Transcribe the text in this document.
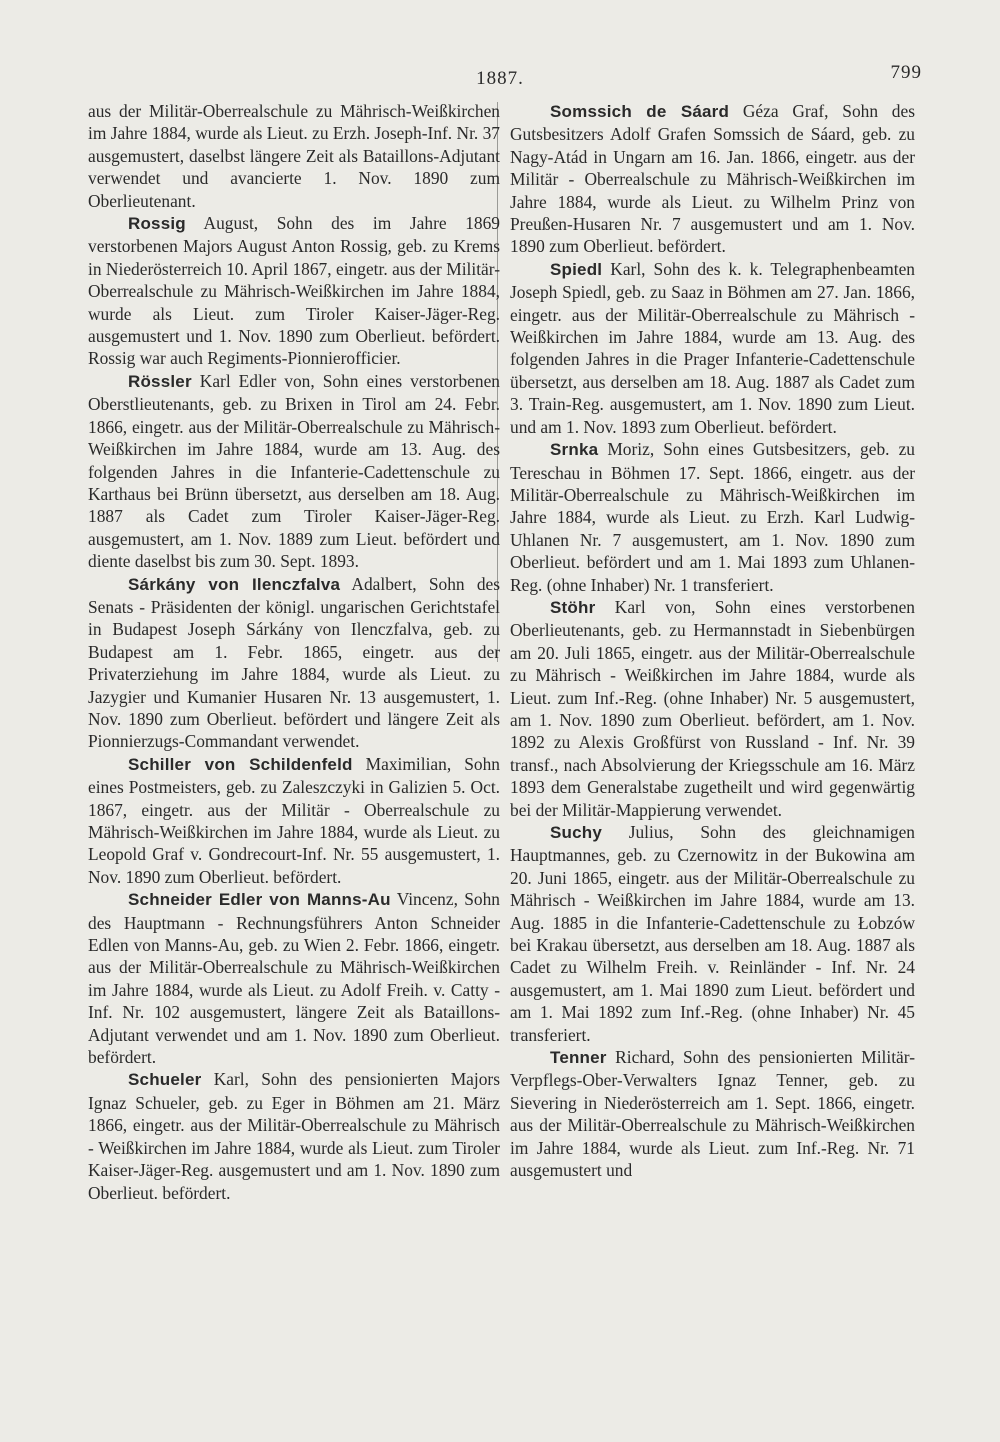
1887.	799

aus der Militär-Oberrealschule zu Mährisch-Weißkirchen im Jahre 1884, wurde als Lieut. zu Erzh. Joseph-Inf. Nr. 37 ausgemustert, daselbst längere Zeit als Bataillons-Adjutant verwendet und avancierte 1. Nov. 1890 zum Oberlieutenant.

Rossig August, Sohn des im Jahre 1869 verstorbenen Majors August Anton Rossig, geb. zu Krems in Niederösterreich 10. April 1867, eingetr. aus der Militär-Oberrealschule zu Mährisch-Weißkirchen im Jahre 1884, wurde als Lieut. zum Tiroler Kaiser-Jäger-Reg. ausgemustert und 1. Nov. 1890 zum Oberlieut. befördert. Rossig war auch Regiments-Pionnierofficier.

Rössler Karl Edler von, Sohn eines verstorbenen Oberstlieutenants, geb. zu Brixen in Tirol am 24. Febr. 1866, eingetr. aus der Militär-Oberrealschule zu Mährisch-Weißkirchen im Jahre 1884, wurde am 13. Aug. des folgenden Jahres in die Infanterie-Cadettenschule zu Karthaus bei Brünn übersetzt, aus derselben am 18. Aug. 1887 als Cadet zum Tiroler Kaiser-Jäger-Reg. ausgemustert, am 1. Nov. 1889 zum Lieut. befördert und diente daselbst bis zum 30. Sept. 1893.

Sárkány von Ilenczfalva Adalbert, Sohn des Senats - Präsidenten der königl. ungarischen Gerichtstafel in Budapest Joseph Sárkány von Ilenczfalva, geb. zu Budapest am 1. Febr. 1865, eingetr. aus der Privaterziehung im Jahre 1884, wurde als Lieut. zu Jazygier und Kumanier Husaren Nr. 13 ausgemustert, 1. Nov. 1890 zum Oberlieut. befördert und längere Zeit als Pionnierzugs-Commandant verwendet.

Schiller von Schildenfeld Maximilian, Sohn eines Postmeisters, geb. zu Zaleszczyki in Galizien 5. Oct. 1867, eingetr. aus der Militär - Oberrealschule zu Mährisch-Weißkirchen im Jahre 1884, wurde als Lieut. zu Leopold Graf v. Gondrecourt-Inf. Nr. 55 ausgemustert, 1. Nov. 1890 zum Oberlieut. befördert.

Schneider Edler von Manns-Au Vincenz, Sohn des Hauptmann - Rechnungsführers Anton Schneider Edlen von Manns-Au, geb. zu Wien 2. Febr. 1866, eingetr. aus der Militär-Oberrealschule zu Mährisch-Weißkirchen im Jahre 1884, wurde als Lieut. zu Adolf Freih. v. Catty - Inf. Nr. 102 ausgemustert, längere Zeit als Bataillons-Adjutant verwendet und am 1. Nov. 1890 zum Oberlieut. befördert.

Schueler Karl, Sohn des pensionierten Majors Ignaz Schueler, geb. zu Eger in Böhmen am 21. März 1866, eingetr. aus der Militär-Oberrealschule zu Mährisch - Weißkirchen im Jahre 1884, wurde als Lieut. zum Tiroler Kaiser-Jäger-Reg. ausgemustert und am 1. Nov. 1890 zum Oberlieut. befördert.

Somssich de Sáard Géza Graf, Sohn des Gutsbesitzers Adolf Grafen Somssich de Sáard, geb. zu Nagy-Atád in Ungarn am 16. Jan. 1866, eingetr. aus der Militär - Oberrealschule zu Mährisch-Weißkirchen im Jahre 1884, wurde als Lieut. zu Wilhelm Prinz von Preußen-Husaren Nr. 7 ausgemustert und am 1. Nov. 1890 zum Oberlieut. befördert.

Spiedl Karl, Sohn des k. k. Telegraphenbeamten Joseph Spiedl, geb. zu Saaz in Böhmen am 27. Jan. 1866, eingetr. aus der Militär-Oberrealschule zu Mährisch - Weißkirchen im Jahre 1884, wurde am 13. Aug. des folgenden Jahres in die Prager Infanterie-Cadettenschule übersetzt, aus derselben am 18. Aug. 1887 als Cadet zum 3. Train-Reg. ausgemustert, am 1. Nov. 1890 zum Lieut. und am 1. Nov. 1893 zum Oberlieut. befördert.

Srnka Moriz, Sohn eines Gutsbesitzers, geb. zu Tereschau in Böhmen 17. Sept. 1866, eingetr. aus der Militär-Oberrealschule zu Mährisch-Weißkirchen im Jahre 1884, wurde als Lieut. zu Erzh. Karl Ludwig-Uhlanen Nr. 7 ausgemustert, am 1. Nov. 1890 zum Oberlieut. befördert und am 1. Mai 1893 zum Uhlanen-Reg. (ohne Inhaber) Nr. 1 transferiert.

Stöhr Karl von, Sohn eines verstorbenen Oberlieutenants, geb. zu Hermannstadt in Siebenbürgen am 20. Juli 1865, eingetr. aus der Militär-Oberrealschule zu Mährisch - Weißkirchen im Jahre 1884, wurde als Lieut. zum Inf.-Reg. (ohne Inhaber) Nr. 5 ausgemustert, am 1. Nov. 1890 zum Oberlieut. befördert, am 1. Nov. 1892 zu Alexis Großfürst von Russland - Inf. Nr. 39 transf., nach Absolvierung der Kriegsschule am 16. März 1893 dem Generalstabe zugetheilt und wird gegenwärtig bei der Militär-Mappierung verwendet.

Suchy Julius, Sohn des gleichnamigen Hauptmannes, geb. zu Czernowitz in der Bukowina am 20. Juni 1865, eingetr. aus der Militär-Oberrealschule zu Mährisch - Weißkirchen im Jahre 1884, wurde am 13. Aug. 1885 in die Infanterie-Cadettenschule zu Łobzów bei Krakau übersetzt, aus derselben am 18. Aug. 1887 als Cadet zu Wilhelm Freih. v. Reinländer - Inf. Nr. 24 ausgemustert, am 1. Mai 1890 zum Lieut. befördert und am 1. Mai 1892 zum Inf.-Reg. (ohne Inhaber) Nr. 45 transferiert.

Tenner Richard, Sohn des pensionierten Militär-Verpflegs-Ober-Verwalters Ignaz Tenner, geb. zu Sievering in Niederösterreich am 1. Sept. 1866, eingetr. aus der Militär-Oberrealschule zu Mährisch-Weißkirchen im Jahre 1884, wurde als Lieut. zum Inf.-Reg. Nr. 71 ausgemustert und
